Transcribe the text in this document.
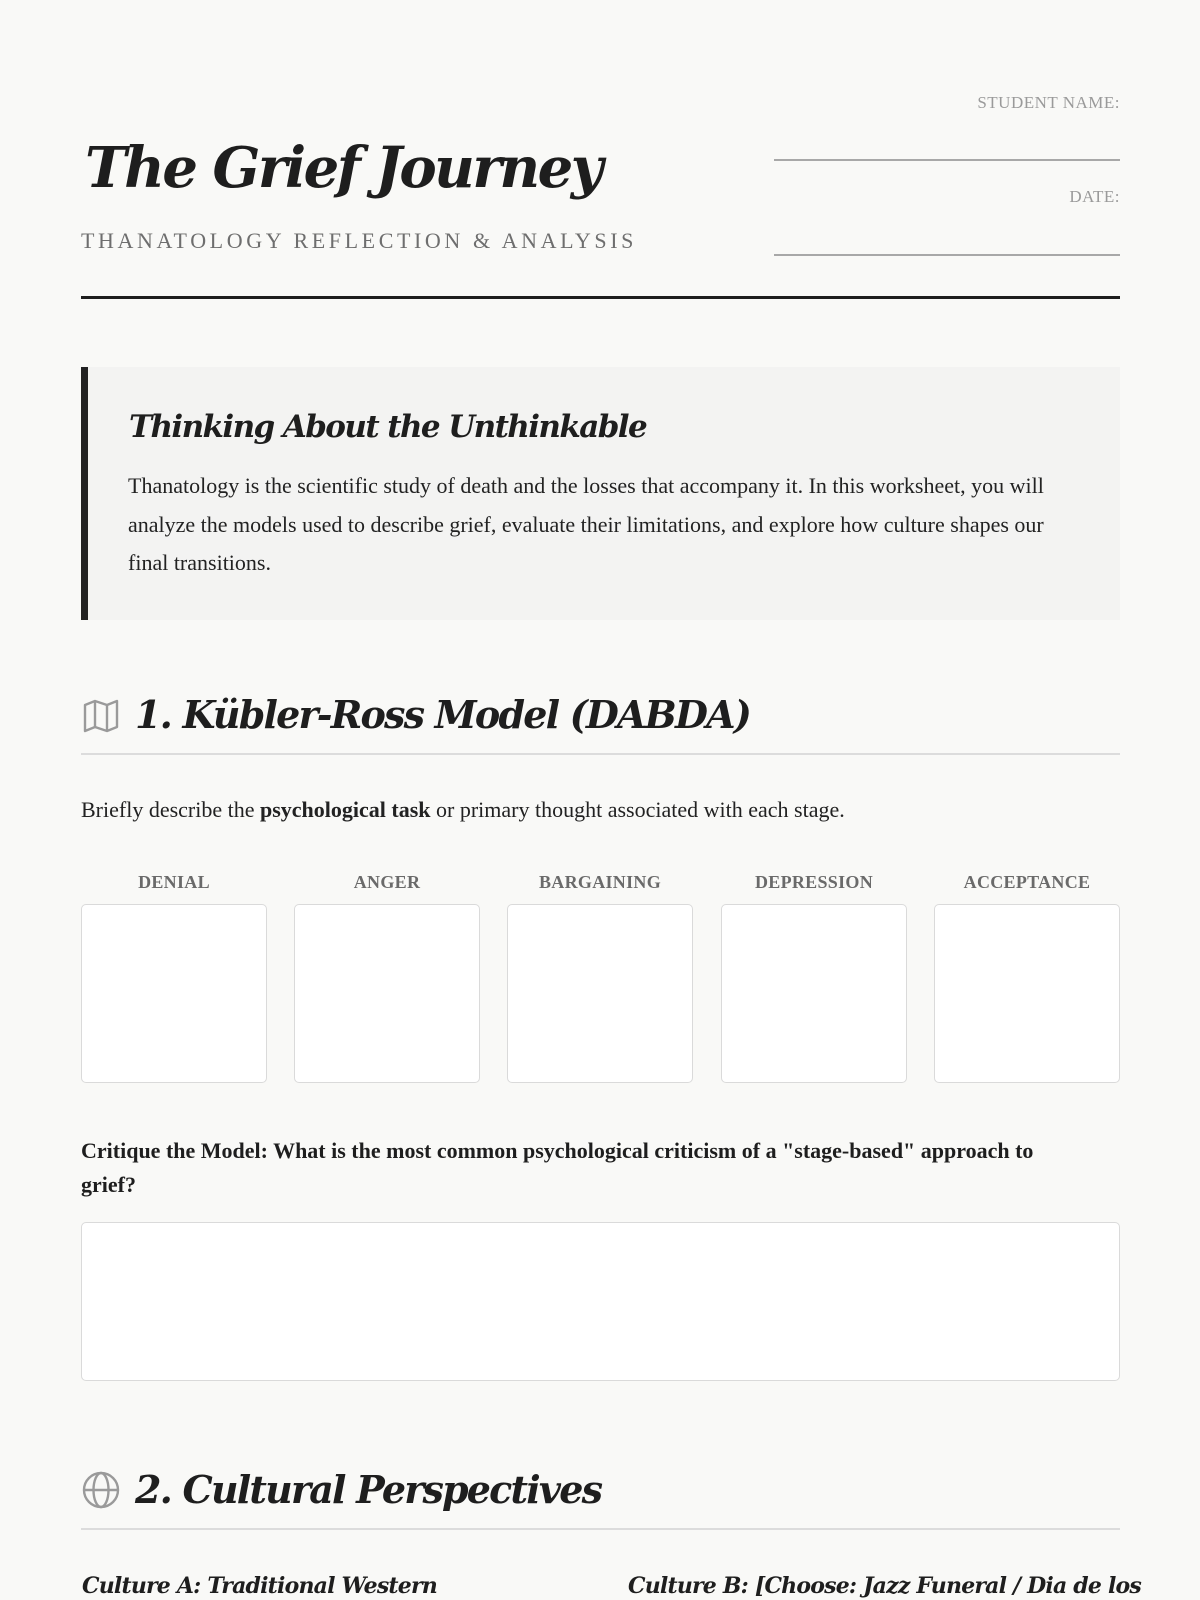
The Grief Journey
THANATOLOGY REFLECTION & ANALYSIS
STUDENT NAME:
DATE:
Thinking About the Unthinkable

Thanatology is the scientific study of death and the losses that accompany it. In this worksheet, you will analyze the models used to describe grief, evaluate their limitations, and explore how culture shapes our final transitions.

1. Kübler-Ross Model (DABDA)

Briefly describe the psychological task or primary thought associated with each stage.

DENIAL	ANGER	BARGAINING	DEPRESSION	ACCEPTANCE

Critique the Model: What is the most common psychological criticism of a "stage-based" approach to grief?

2. Cultural Perspectives
Culture A: Traditional Western	Culture B: [Choose: Jazz Funeral / Dia de los
